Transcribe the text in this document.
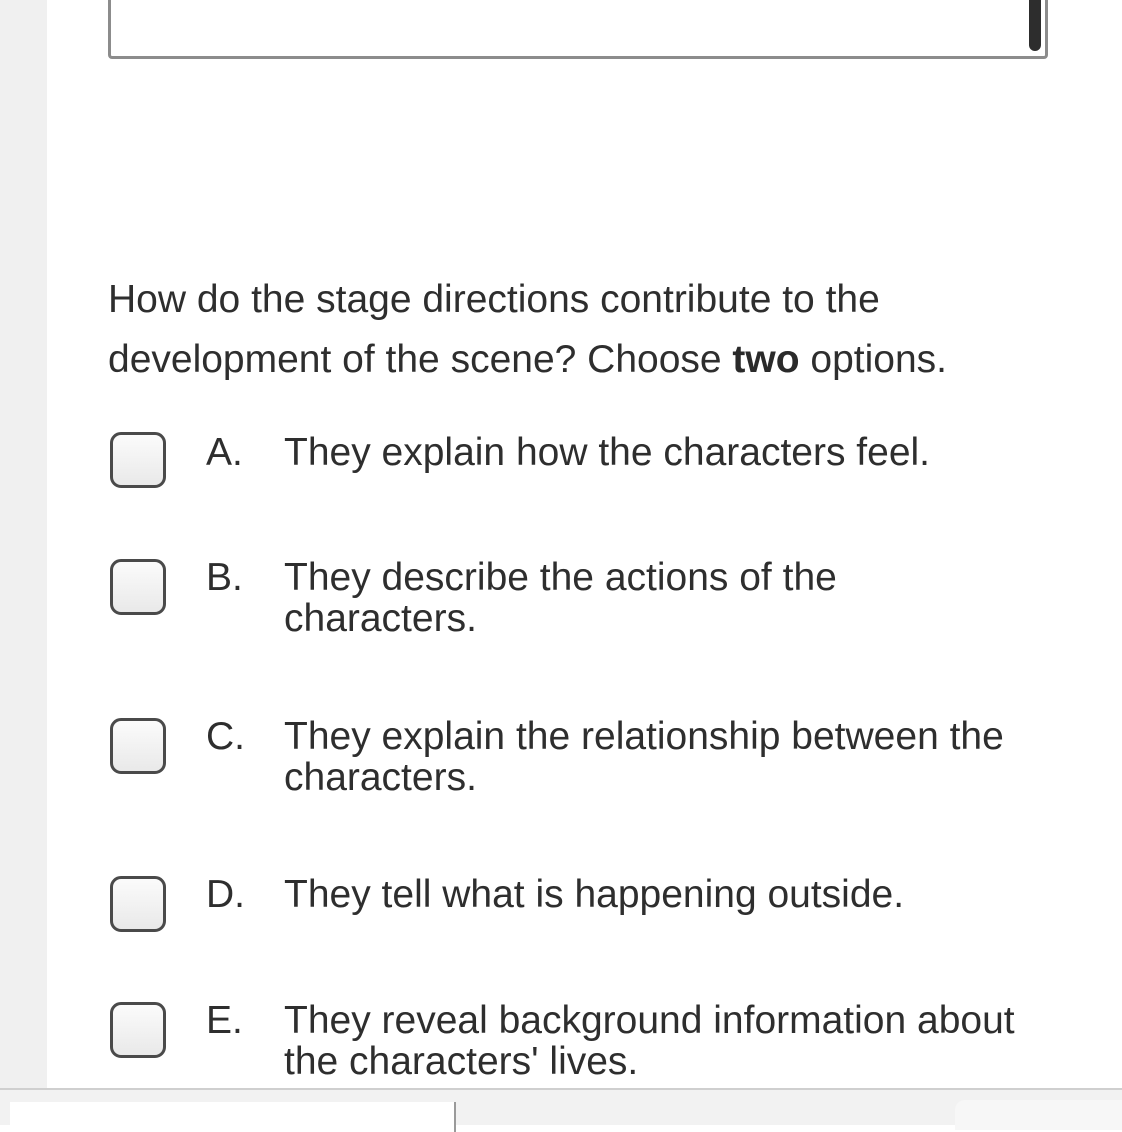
How do the stage directions contribute to the development of the scene? Choose two options.
A. They explain how the characters feel.
B. They describe the actions of the characters.
C. They explain the relationship between the characters.
D. They tell what is happening outside.
E. They reveal background information about the characters' lives.
